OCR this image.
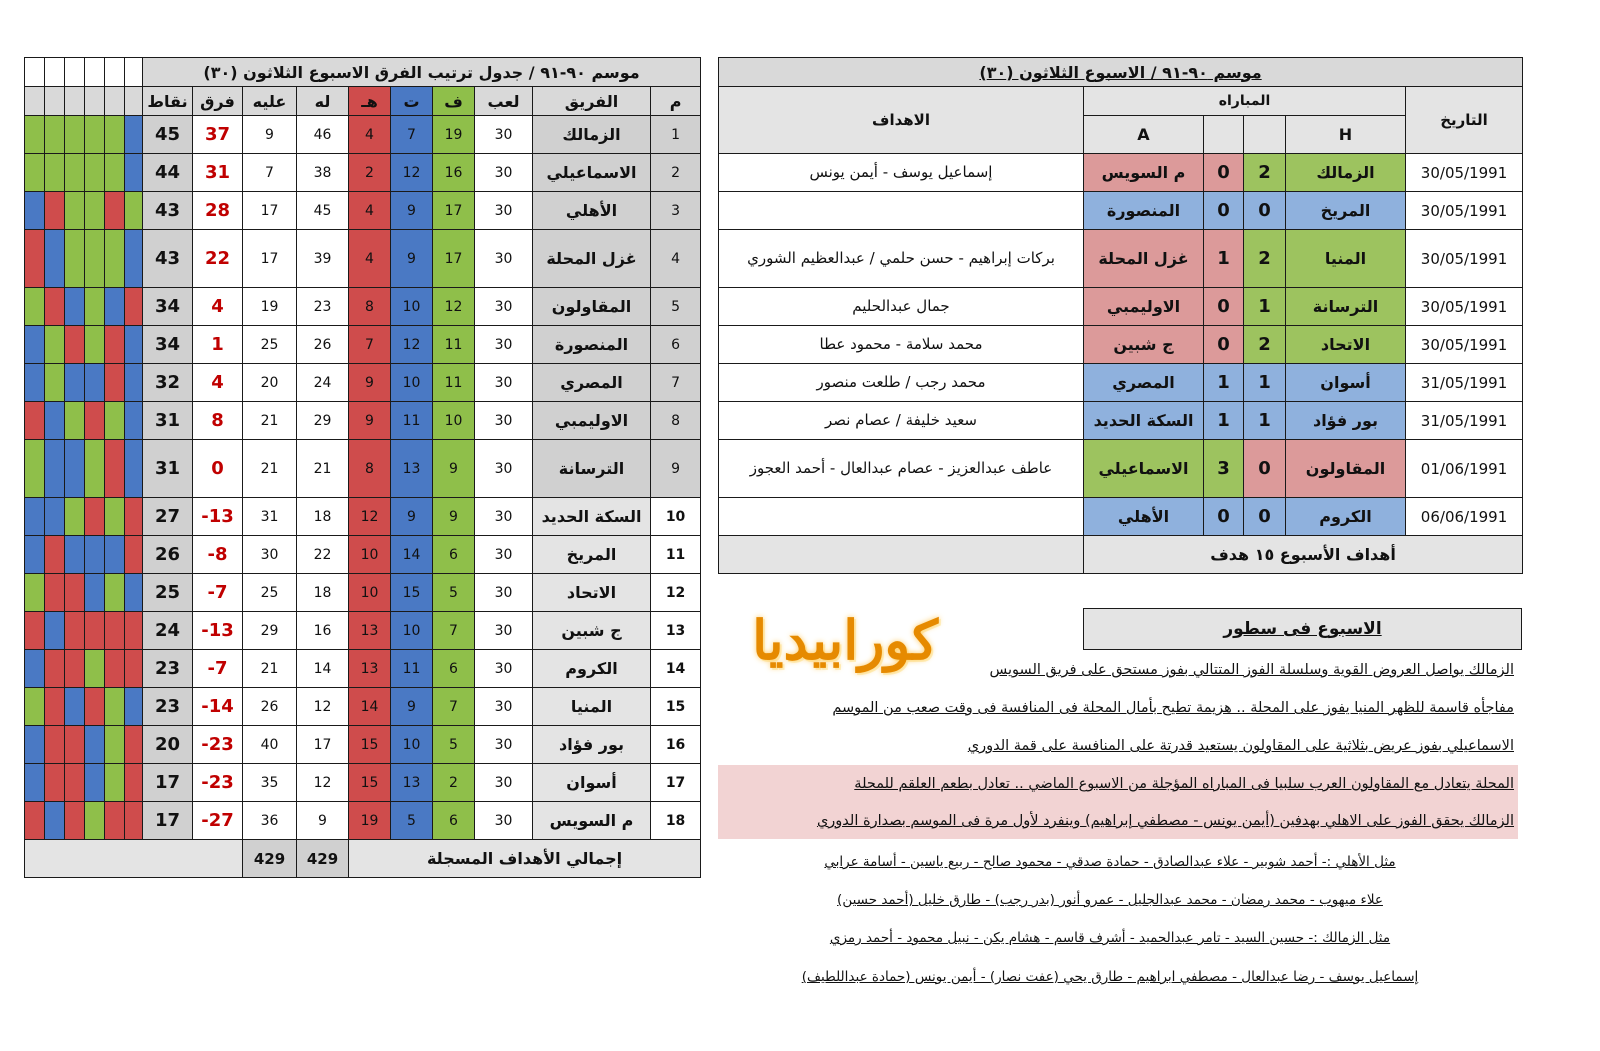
						موسم ٩٠-٩١ / جدول ترتيب الفرق الاسبوع الثلاثون (٣٠)									
						نقاط	فرق	عليه	له	هـ	ت	ف	لعب	الفريق	م
						45	37	9	46	4	7	19	30	الزمالك	1
						44	31	7	38	2	12	16	30	الاسماعيلي	2
						43	28	17	45	4	9	17	30	الأهلي	3
						43	22	17	39	4	9	17	30	غزل المحلة	4
						34	4	19	23	8	10	12	30	المقاولون	5
						34	1	25	26	7	12	11	30	المنصورة	6
						32	4	20	24	9	10	11	30	المصري	7
						31	8	21	29	9	11	10	30	الاوليمبي	8
						31	0	21	21	8	13	9	30	الترسانة	9
						27	-13	31	18	12	9	9	30	السكة الحديد	10
						26	-8	30	22	10	14	6	30	المريخ	11
						25	-7	25	18	10	15	5	30	الاتحاد	12
						24	-13	29	16	13	10	7	30	ج شبين	13
						23	-7	21	14	13	11	6	30	الكروم	14
						23	-14	26	12	14	9	7	30	المنيا	15
						20	-23	40	17	15	10	5	30	بور فؤاد	16
						17	-23	35	12	15	13	2	30	أسوان	17
						17	-27	36	9	19	5	6	30	م السويس	18
								429	429	إجمالي الأهداف المسجلة					
موسم ٩٠-٩١ / الاسبوع الثلاثون (٣٠)					
الاهداف	المباراه				التاريخ
	A			H	
إسماعيل يوسف - أيمن يونس	م السويس	0	2	الزمالك	30/05/1991
	المنصورة	0	0	المريخ	30/05/1991
بركات إبراهيم - حسن حلمي / عبدالعظيم الشوري	غزل المحلة	1	2	المنيا	30/05/1991
جمال عبدالحليم	الاوليمبي	0	1	الترسانة	30/05/1991
محمد سلامة - محمود عطا	ج شبين	0	2	الاتحاد	30/05/1991
محمد رجب / طلعت منصور	المصري	1	1	أسوان	31/05/1991
سعيد خليفة / عصام نصر	السكة الحديد	1	1	بور فؤاد	31/05/1991
عاطف عبدالعزيز - عصام عبدالعال - أحمد العجوز	الاسماعيلي	3	0	المقاولون	01/06/1991
	الأهلي	0	0	الكروم	06/06/1991
	أهداف الأسبوع ١٥ هدف				
كورابيديا	الاسبوع فى سطور
الزمالك يواصل العروض القوية وسلسلة الفوز المتتالي بفوز مستحق على فريق السويس
مفاجأه قاسمة للظهر المنيا يفوز على المحلة .. هزيمة تطيح بأمال المحلة فى المنافسة فى وقت صعب من الموسم
الاسماعيلي بفوز عريض بثلاثية على المقاولون يستعيد قدرتة على المنافسة على قمة الدوري
المحلة يتعادل مع المقاولون العرب سلبيا فى المباراه المؤجلة من الاسبوع الماضي .. تعادل بطعم العلقم للمحلة
الزمالك يحقق الفوز على الاهلي بهدفين (أيمن يونس - مصطفي إبراهيم) وينفرد لأول مرة فى الموسم بصدارة الدوري
مثل الأهلي :- أحمد شوبير - علاء عبدالصادق - حمادة صدقي - محمود صالح - ربيع ياسين - أسامة عرابي
علاء ميهوب - محمد رمضان - محمد عبدالجليل - عمرو أنور (بدر رجب) - طارق خليل (أحمد حسين)
مثل الزمالك :- حسين السيد - تامر عبدالحميد - أشرف قاسم - هشام يكن - نبيل محمود - أحمد رمزي
إسماعيل يوسف - رضا عبدالعال - مصطفي ابراهيم - طارق يحي (عفت نصار) - أيمن يونس (حمادة عبداللطيف)
